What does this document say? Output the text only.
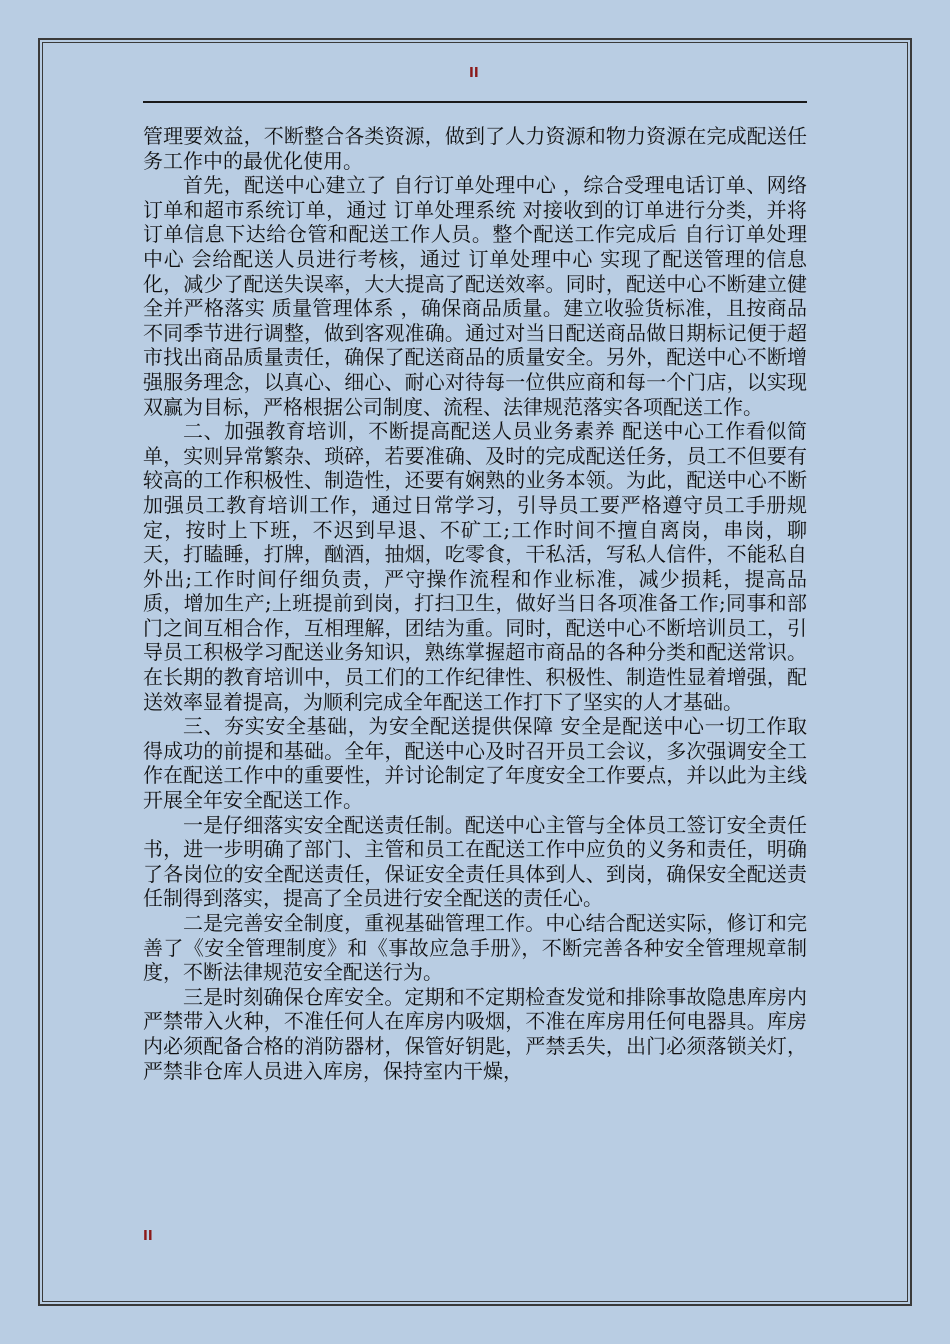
II

管理要效益，不断整合各类资源，做到了人力资源和物力资源在完成配送任务工作中的最优化使用。

首先，配送中心建立了 自行订单处理中心 ，综合受理电话订单、网络订单和超市系统订单，通过 订单处理系统 对接收到的订单进行分类，并将订单信息下达给仓管和配送工作人员。整个配送工作完成后 自行订单处理中心 会给配送人员进行考核，通过 订单处理中心 实现了配送管理的信息化，减少了配送失误率，大大提高了配送效率。同时，配送中心不断建立健全并严格落实 质量管理体系 ，确保商品质量。建立收验货标准，且按商品不同季节进行调整，做到客观准确。通过对当日配送商品做日期标记便于超市找出商品质量责任，确保了配送商品的质量安全。另外，配送中心不断增强服务理念，以真心、细心、耐心对待每一位供应商和每一个门店，以实现双赢为目标，严格根据公司制度、流程、法律规范落实各项配送工作。

二、加强教育培训，不断提高配送人员业务素养 配送中心工作看似简单，实则异常繁杂、琐碎，若要准确、及时的完成配送任务，员工不但要有较高的工作积极性、制造性，还要有娴熟的业务本领。为此，配送中心不断加强员工教育培训工作，通过日常学习，引导员工要严格遵守员工手册规定，按时上下班，不迟到早退、不矿工;工作时间不擅自离岗，串岗，聊天，打瞌睡，打牌，酗酒，抽烟，吃零食，干私活，写私人信件，不能私自外出;工作时间仔细负责，严守操作流程和作业标准，减少损耗，提高品质，增加生产;上班提前到岗，打扫卫生，做好当日各项准备工作;同事和部门之间互相合作，互相理解，团结为重。同时，配送中心不断培训员工，引导员工积极学习配送业务知识，熟练掌握超市商品的各种分类和配送常识。在长期的教育培训中，员工们的工作纪律性、积极性、制造性显着增强，配送效率显着提高，为顺利完成全年配送工作打下了坚实的人才基础。

三、夯实安全基础，为安全配送提供保障 安全是配送中心一切工作取得成功的前提和基础。全年，配送中心及时召开员工会议，多次强调安全工作在配送工作中的重要性，并讨论制定了年度安全工作要点，并以此为主线开展全年安全配送工作。

一是仔细落实安全配送责任制。配送中心主管与全体员工签订安全责任书，进一步明确了部门、主管和员工在配送工作中应负的义务和责任，明确了各岗位的安全配送责任，保证安全责任具体到人、到岗，确保安全配送责任制得到落实，提高了全员进行安全配送的责任心。

二是完善安全制度，重视基础管理工作。中心结合配送实际，修订和完善了《安全管理制度》和《事故应急手册》，不断完善各种安全管理规章制度，不断法律规范安全配送行为。

三是时刻确保仓库安全。定期和不定期检查发觉和排除事故隐患库房内严禁带入火种，不准任何人在库房内吸烟，不准在库房用任何电器具。库房内必须配备合格的消防器材，保管好钥匙，严禁丢失，出门必须落锁关灯，严禁非仓库人员进入库房，保持室内干燥，

II
